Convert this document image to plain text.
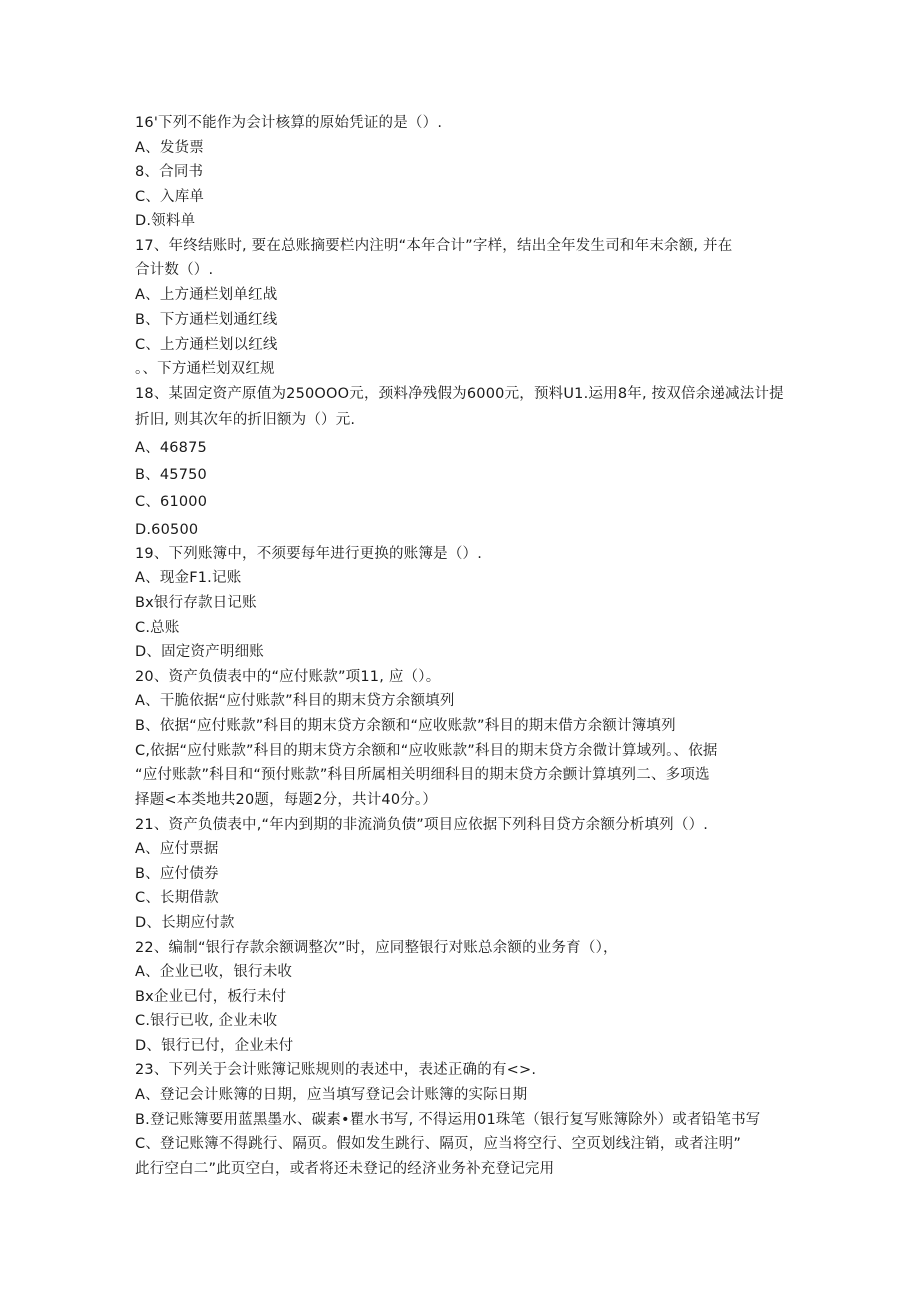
16'下列不能作为会计核算的原始凭证的是（）.
A、发货票
8、合同书
C、入库单
D.领料单
17、年终结账时, 要在总账摘要栏内注明“本年合计”字样，结出全年发生司和年末余额, 并在
合计数（）.
A、上方通栏划单红战
B、下方通栏划通红线
C、上方通栏划以红线
。、下方通栏划双红规
18、某固定资产原值为250OOO元，颈料净残假为6000元，预料U1.运用8年, 按双倍余递减法计提
折旧, 则其次年的折旧额为（）元.
A、46875
B、45750
C、61000
D.60500
19、下列账簿中，不须要每年进行更换的账簿是（）.
A、现金F1.记账
Bx银行存款日记账
C.总账
D、固定资产明细账
20、资产负债表中的“应付账款”项11, 应（）。
A、干脆依据“应付账款”科目的期末贷方余额填列
B、依据“应付账款”科目的期末贷方余额和“应收账款”科目的期末借方余额计簿填列
C,依据“应付账款”科目的期末贷方余额和“应收账款”科目的期末贷方余微计算域列。、依据
“应付账款”科目和“预付账款”科目所属相关明细科目的期末贷方余颤计算填列二、多项选
择题<本类地共20题，每题2分，共计40分。）
21、资产负债表中,“年内到期的非流淌负债”项目应依据下列科目贷方余额分析填列（）.
A、应付票据
B、应付债券
C、长期借款
D、长期应付款
22、编制“银行存款余额调整次”时，应同整银行对账总余额的业务育（），
A、企业已收，银行未收
Bx企业已付，板行未付
C.银行已收, 企业未收
D、银行已付，企业未付
23、下列关于会计账簿记账规则的表述中，表述正确的有<>.
A、登记会计账簿的日期，应当填写登记会计账簿的实际日期
B.登记账簿要用蓝黑墨水、碳素•瞿水书写, 不得运用01珠笔（银行复写账簿除外）或者铅笔书写
C、登记账簿不得跳行、隔页。假如发生跳行、隔页，应当将空行、空页划线注销，或者注明”
此行空白二”此页空白，或者将还未登记的经济业务补充登记完用
